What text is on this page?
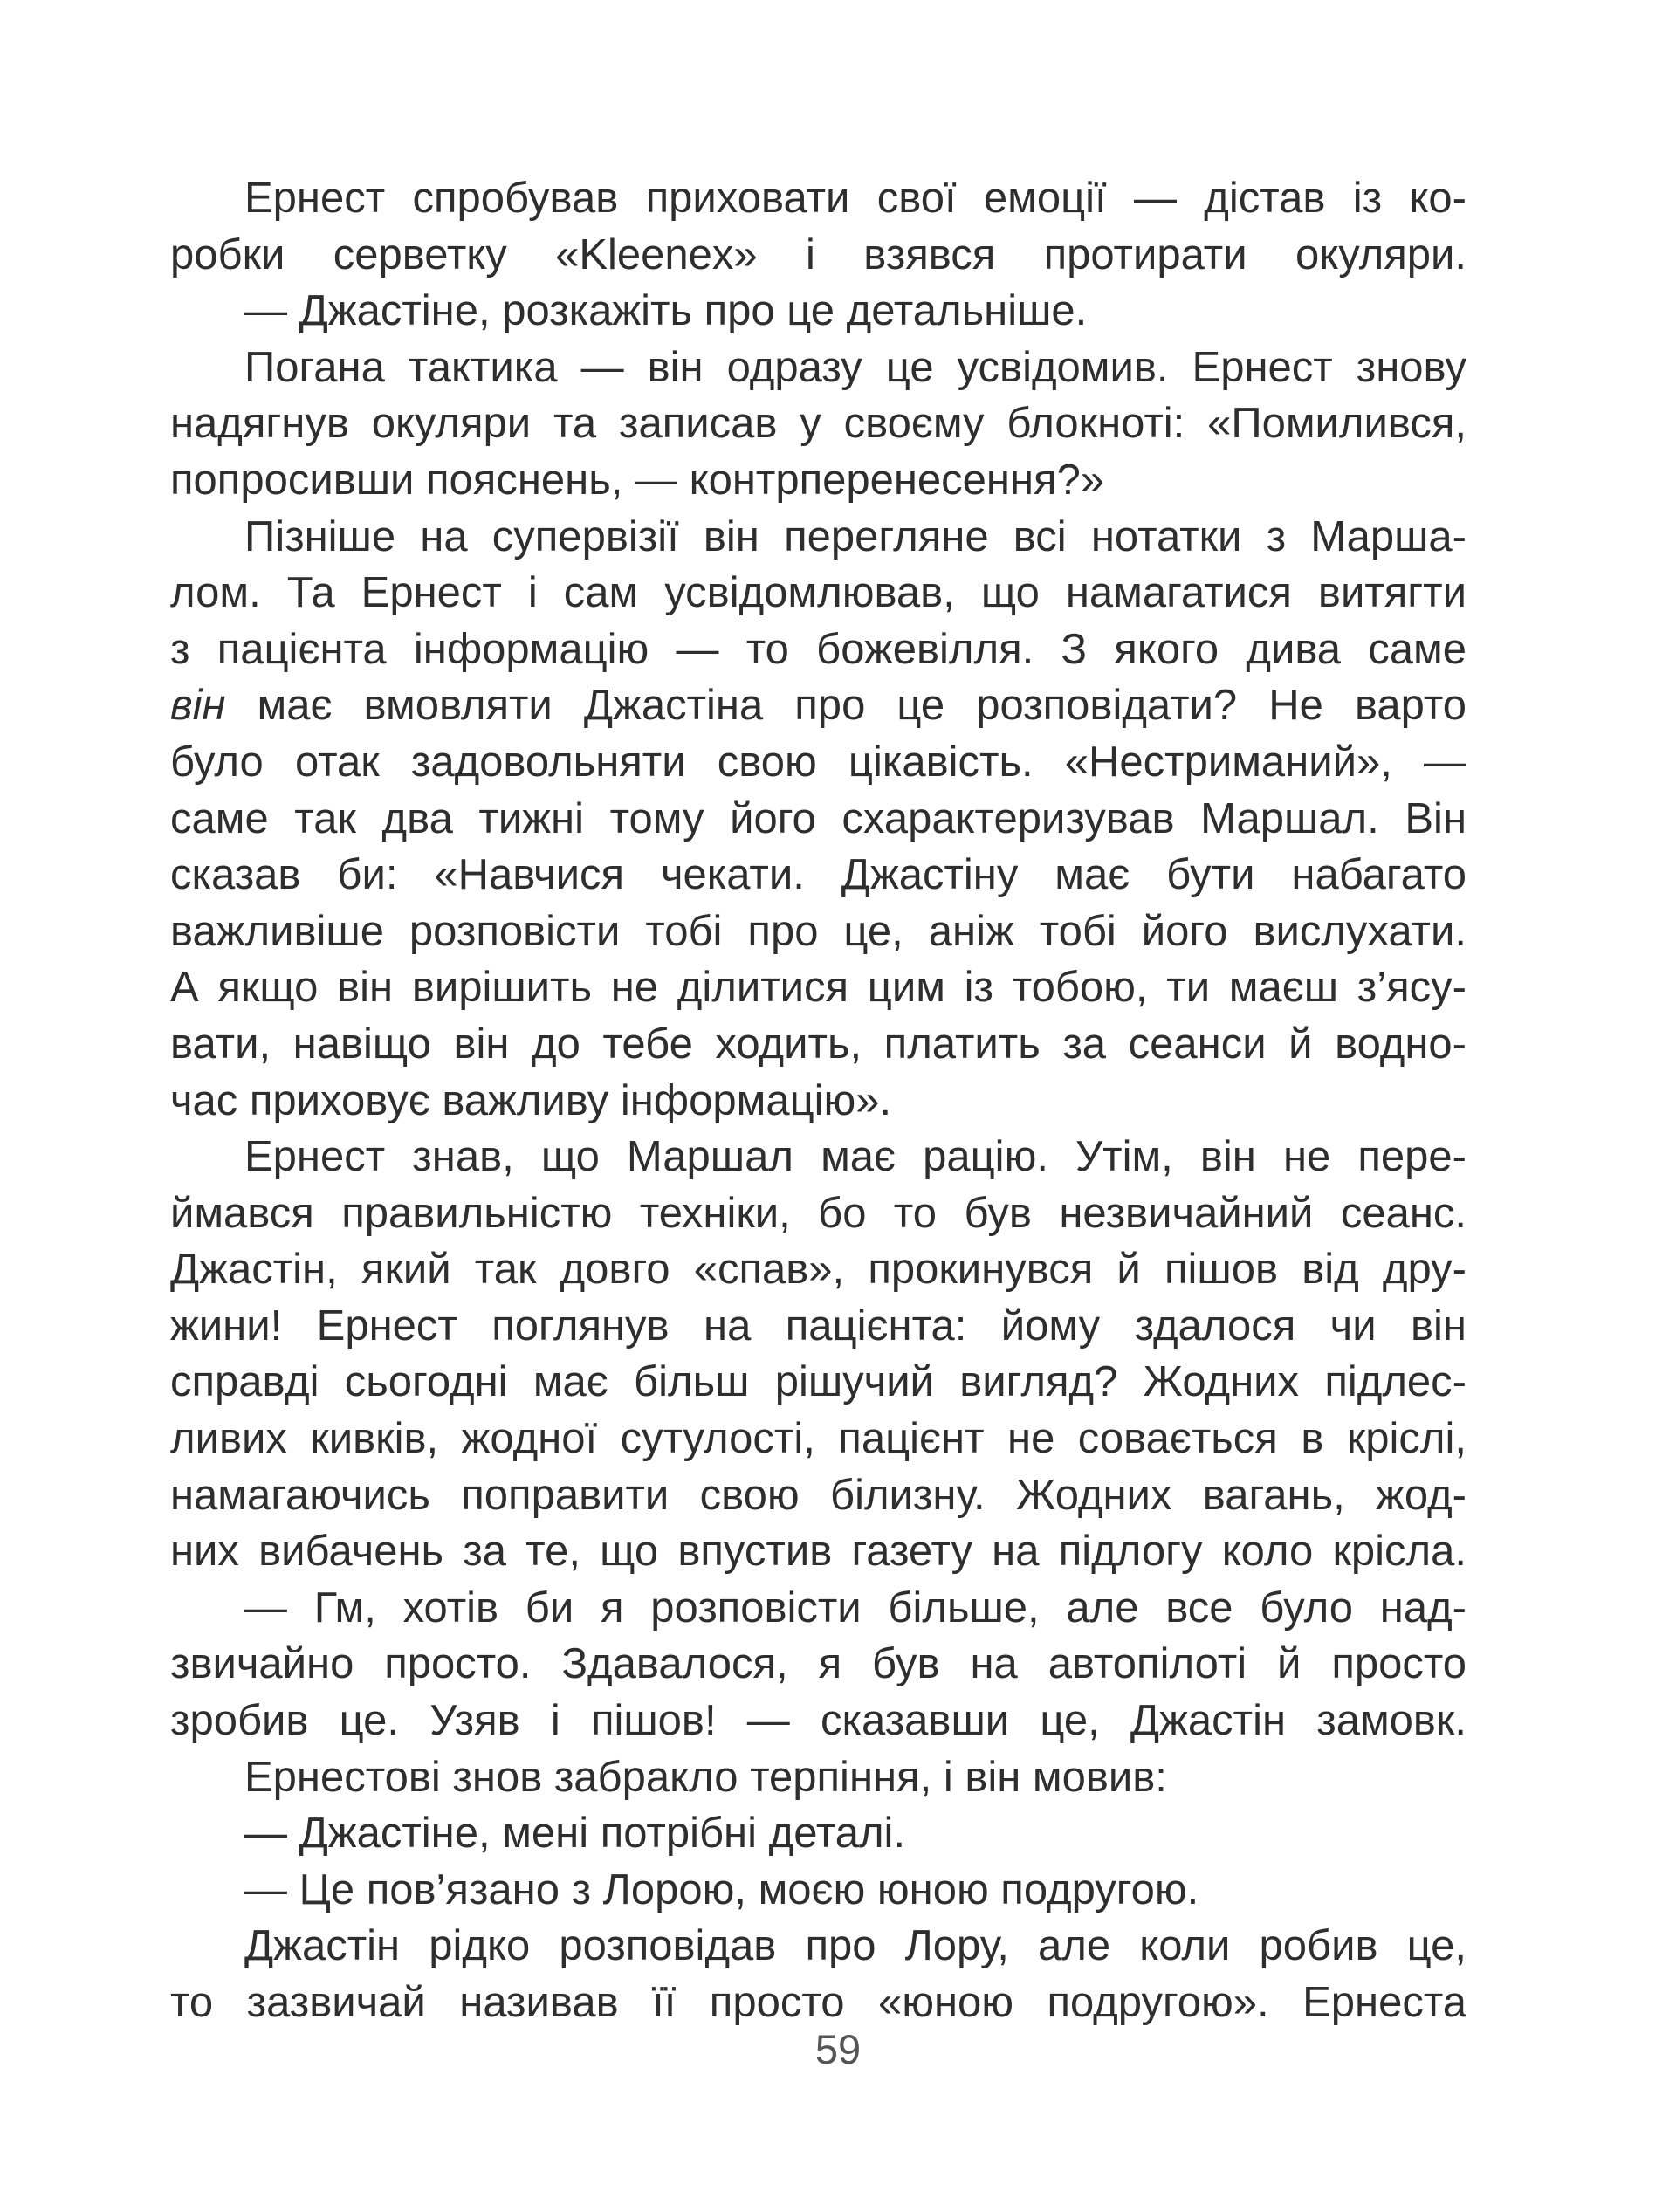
Ернест спробував приховати свої емоції — дістав із ко-
робки серветку «Kleenex» і взявся протирати окуляри.
— Джастіне, розкажіть про це детальніше.
Погана тактика — він одразу це усвідомив. Ернест знову
надягнув окуляри та записав у своєму блокноті: «Помилився,
попросивши пояснень, — контрперенесення?»
Пізніше на супервізії він перегляне всі нотатки з Марша-
лом. Та Ернест і сам усвідомлював, що намагатися витягти
з пацієнта інформацію — то божевілля. З якого дива саме
він має вмовляти Джастіна про це розповідати? Не варто
було отак задовольняти свою цікавість. «Нестриманий», —
саме так два тижні тому його схарактеризував Маршал. Він
сказав би: «Навчися чекати. Джастіну має бути набагато
важливіше розповісти тобі про це, аніж тобі його вислухати.
А якщо він вирішить не ділитися цим із тобою, ти маєш з’ясу-
вати, навіщо він до тебе ходить, платить за сеанси й водно-
час приховує важливу інформацію».
Ернест знав, що Маршал має рацію. Утім, він не пере-
ймався правильністю техніки, бо то був незвичайний сеанс.
Джастін, який так довго «спав», прокинувся й пішов від дру-
жини! Ернест поглянув на пацієнта: йому здалося чи він
справді сьогодні має більш рішучий вигляд? Жодних підлес-
ливих кивків, жодної сутулості, пацієнт не совається в кріслі,
намагаючись поправити свою білизну. Жодних вагань, жод-
них вибачень за те, що впустив газету на підлогу коло крісла.
— Гм, хотів би я розповісти більше, але все було над-
звичайно просто. Здавалося, я був на автопілоті й просто
зробив це. Узяв і пішов! — сказавши це, Джастін замовк.
Ернестові знов забракло терпіння, і він мовив:
— Джастіне, мені потрібні деталі.
— Це пов’язано з Лорою, моєю юною подругою.
Джастін рідко розповідав про Лору, але коли робив це,
то зазвичай називав її просто «юною подругою». Ернеста
59
